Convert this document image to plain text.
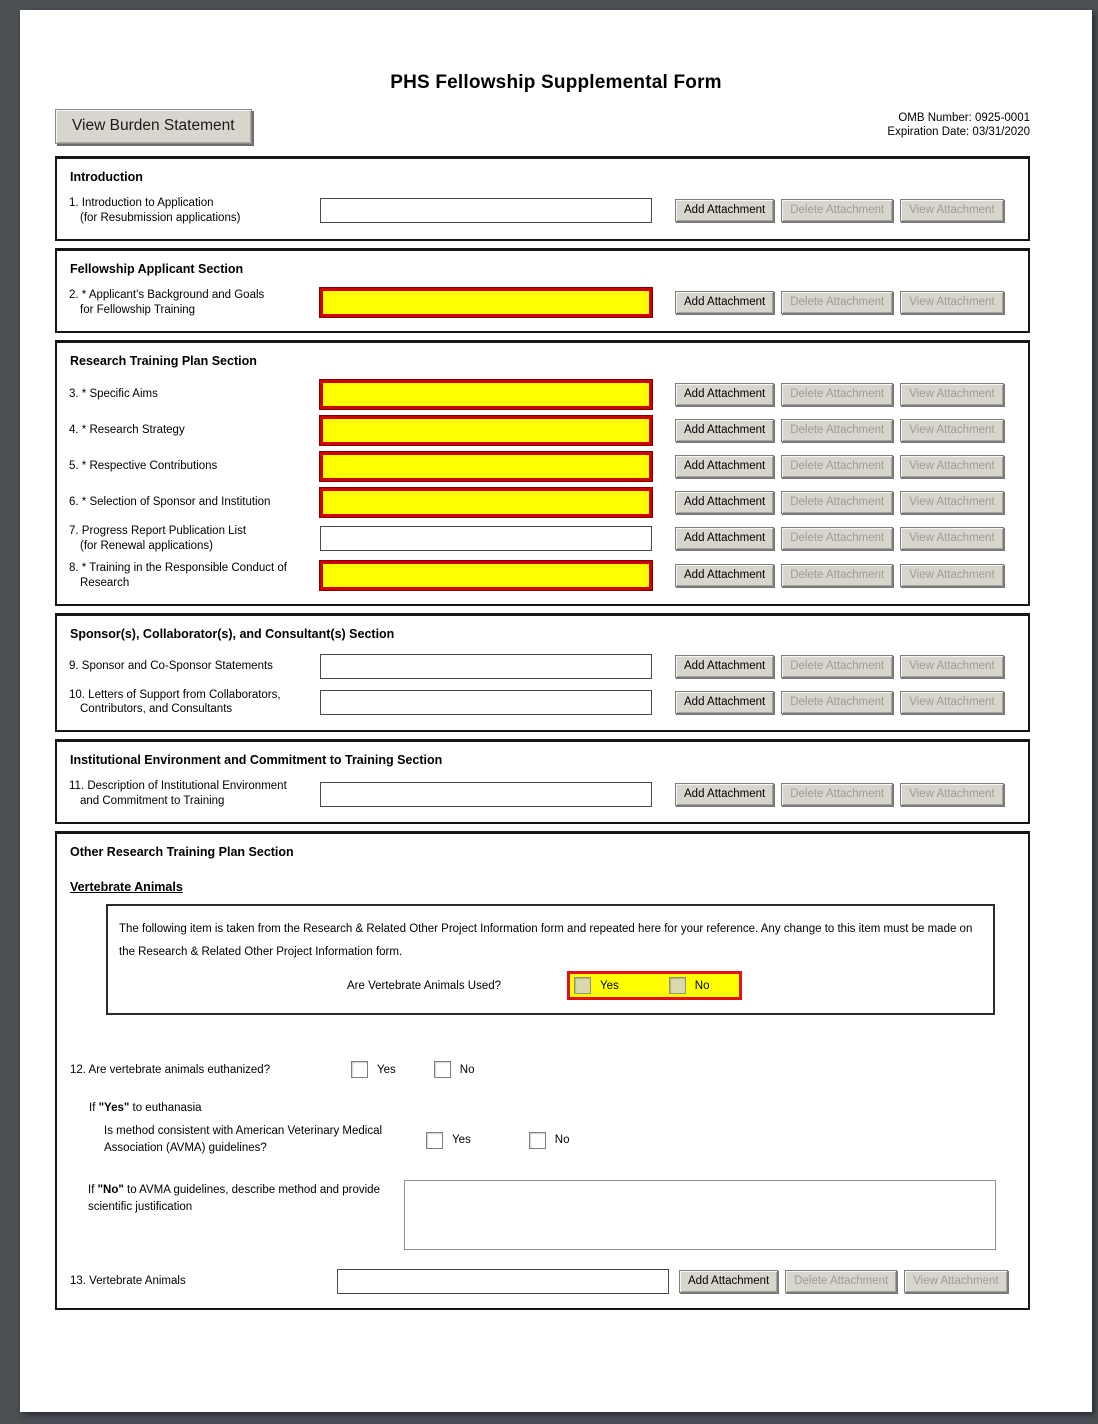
PHS Fellowship Supplemental Form
View Burden Statement	OMB Number: 0925-0001
Expiration Date: 03/31/2020
Introduction
1. Introduction to Application
(for Resubmission applications)
Add Attachment	Delete Attachment	View Attachment
Fellowship Applicant Section
2. * Applicant's Background and Goals
for Fellowship Training
Add Attachment	Delete Attachment	View Attachment
Research Training Plan Section
3. * Specific Aims	Add Attachment	Delete Attachment	View Attachment
4. * Research Strategy	Add Attachment	Delete Attachment	View Attachment
5. * Respective Contributions	Add Attachment	Delete Attachment	View Attachment
6. * Selection of Sponsor and Institution	Add Attachment	Delete Attachment	View Attachment
7. Progress Report Publication List
(for Renewal applications)
Add Attachment	Delete Attachment	View Attachment
8. * Training in the Responsible Conduct of
Research
Add Attachment	Delete Attachment	View Attachment
Sponsor(s), Collaborator(s), and Consultant(s) Section
9. Sponsor and Co-Sponsor Statements	Add Attachment	Delete Attachment	View Attachment
10. Letters of Support from Collaborators,
Contributors, and Consultants
Add Attachment	Delete Attachment	View Attachment
Institutional Environment and Commitment to Training Section
11. Description of Institutional Environment
and Commitment to Training
Add Attachment	Delete Attachment	View Attachment
Other Research Training Plan Section
Vertebrate Animals

The following item is taken from the Research & Related Other Project Information form and repeated here for your reference. Any change to this item must be made on the Research & Related Other Project Information form.

Are Vertebrate Animals Used?	Yes	No
12. Are vertebrate animals euthanized?	Yes	No
If "Yes" to euthanasia
Is method consistent with American Veterinary Medical Association (AVMA) guidelines?
Yes	No
If "No" to AVMA guidelines, describe method and provide scientific justification
13. Vertebrate Animals	Add Attachment	Delete Attachment	View Attachment
